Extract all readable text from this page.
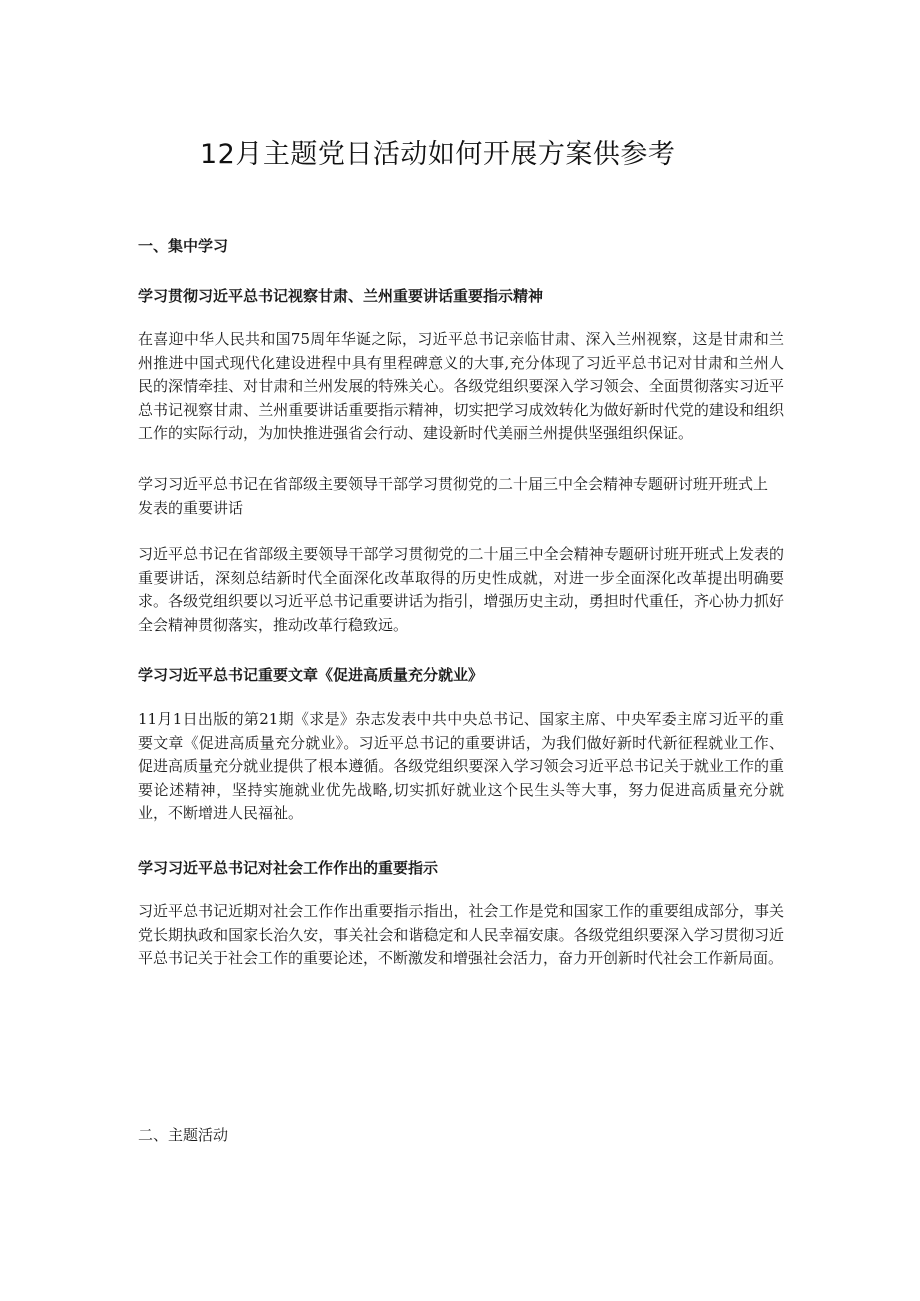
12月主题党日活动如何开展方案供参考
一、集中学习
学习贯彻习近平总书记视察甘肃、兰州重要讲话重要指示精神
在喜迎中华人民共和国75周年华诞之际，习近平总书记亲临甘肃、深入兰州视察，这是甘肃和兰州推进中国式现代化建设进程中具有里程碑意义的大事,充分体现了习近平总书记对甘肃和兰州人民的深情牵挂、对甘肃和兰州发展的特殊关心。各级党组织要深入学习领会、全面贯彻落实习近平总书记视察甘肃、兰州重要讲话重要指示精神，切实把学习成效转化为做好新时代党的建设和组织工作的实际行动，为加快推进强省会行动、建设新时代美丽兰州提供坚强组织保证。
学习习近平总书记在省部级主要领导干部学习贯彻党的二十届三中全会精神专题研讨班开班式上发表的重要讲话
习近平总书记在省部级主要领导干部学习贯彻党的二十届三中全会精神专题研讨班开班式上发表的重要讲话，深刻总结新时代全面深化改革取得的历史性成就，对进一步全面深化改革提出明确要求。各级党组织要以习近平总书记重要讲话为指引，增强历史主动，勇担时代重任，齐心协力抓好全会精神贯彻落实，推动改革行稳致远。
学习习近平总书记重要文章《促进高质量充分就业》
11月1日出版的第21期《求是》杂志发表中共中央总书记、国家主席、中央军委主席习近平的重要文章《促进高质量充分就业》。习近平总书记的重要讲话，为我们做好新时代新征程就业工作、促进高质量充分就业提供了根本遵循。各级党组织要深入学习领会习近平总书记关于就业工作的重要论述精神，坚持实施就业优先战略,切实抓好就业这个民生头等大事，努力促进高质量充分就业，不断增进人民福祉。
学习习近平总书记对社会工作作出的重要指示
习近平总书记近期对社会工作作出重要指示指出，社会工作是党和国家工作的重要组成部分，事关党长期执政和国家长治久安，事关社会和谐稳定和人民幸福安康。各级党组织要深入学习贯彻习近平总书记关于社会工作的重要论述，不断激发和增强社会活力，奋力开创新时代社会工作新局面。
二、主题活动
